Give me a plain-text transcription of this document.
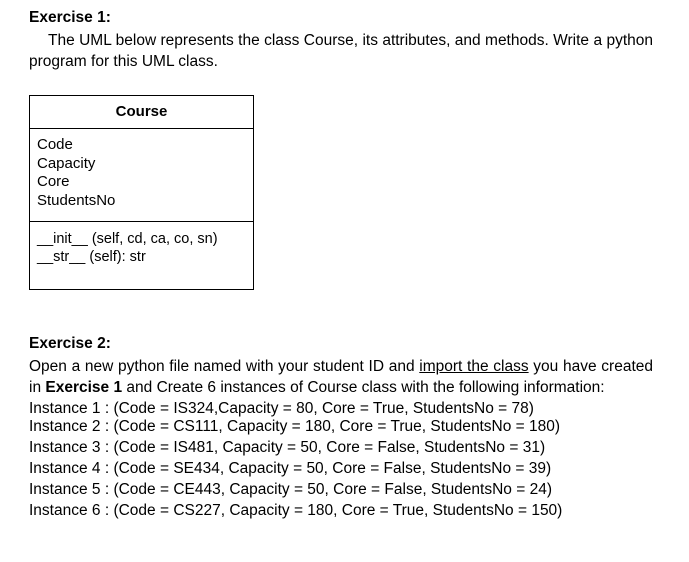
Exercise 1:
The UML below represents the class Course, its attributes, and methods. Write a python program for this UML class.
Course
Code
Capacity
Core
StudentsNo
__init__ (self, cd, ca, co, sn)
__str__ (self): str
Exercise 2:
Open a new python file named with your student ID and import the class you have created in Exercise 1 and Create 6 instances of Course class with the following information:
Instance 1 : (Code = IS324,Capacity = 80, Core = True, StudentsNo = 78)
Instance 2 : (Code = CS111, Capacity = 180, Core = True, StudentsNo = 180)
Instance 3 : (Code = IS481, Capacity = 50, Core = False, StudentsNo = 31)
Instance 4 : (Code = SE434, Capacity = 50, Core = False, StudentsNo = 39)
Instance 5 : (Code = CE443, Capacity = 50, Core = False, StudentsNo = 24)
Instance 6 : (Code = CS227, Capacity = 180, Core = True, StudentsNo = 150)
